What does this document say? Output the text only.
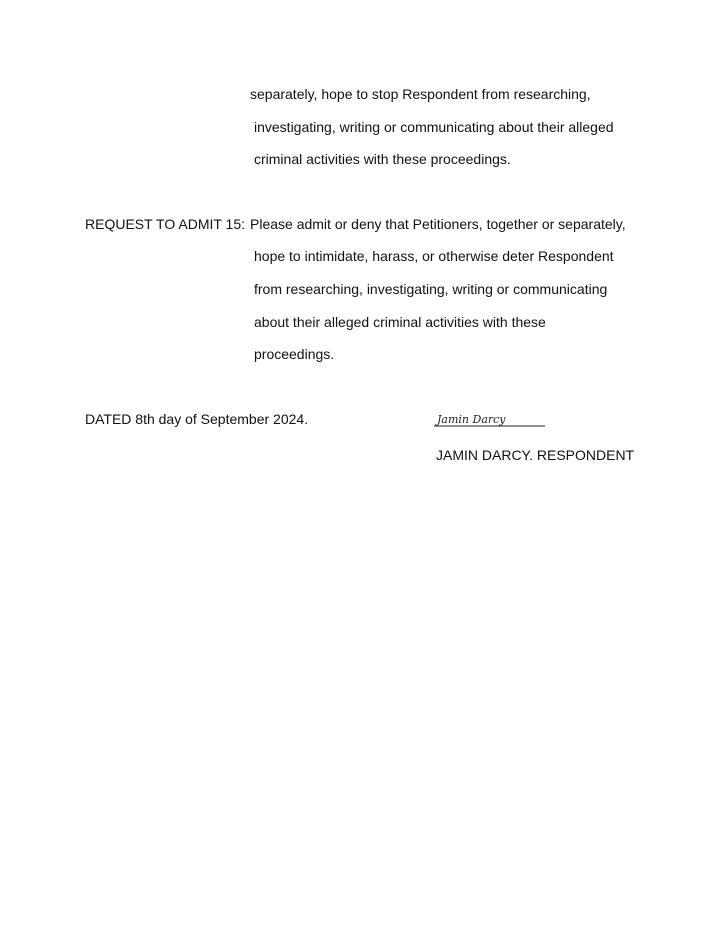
separately, hope to stop Respondent from researching,
investigating, writing or communicating about their alleged
criminal activities with these proceedings.
REQUEST TO ADMIT 15: Please admit or deny that Petitioners, together or separately,
hope to intimidate, harass, or otherwise deter Respondent
from researching, investigating, writing or communicating
about their alleged criminal activities with these
proceedings.
DATED 8th day of September 2024.	Jamin Darcy
JAMIN DARCY. RESPONDENT
